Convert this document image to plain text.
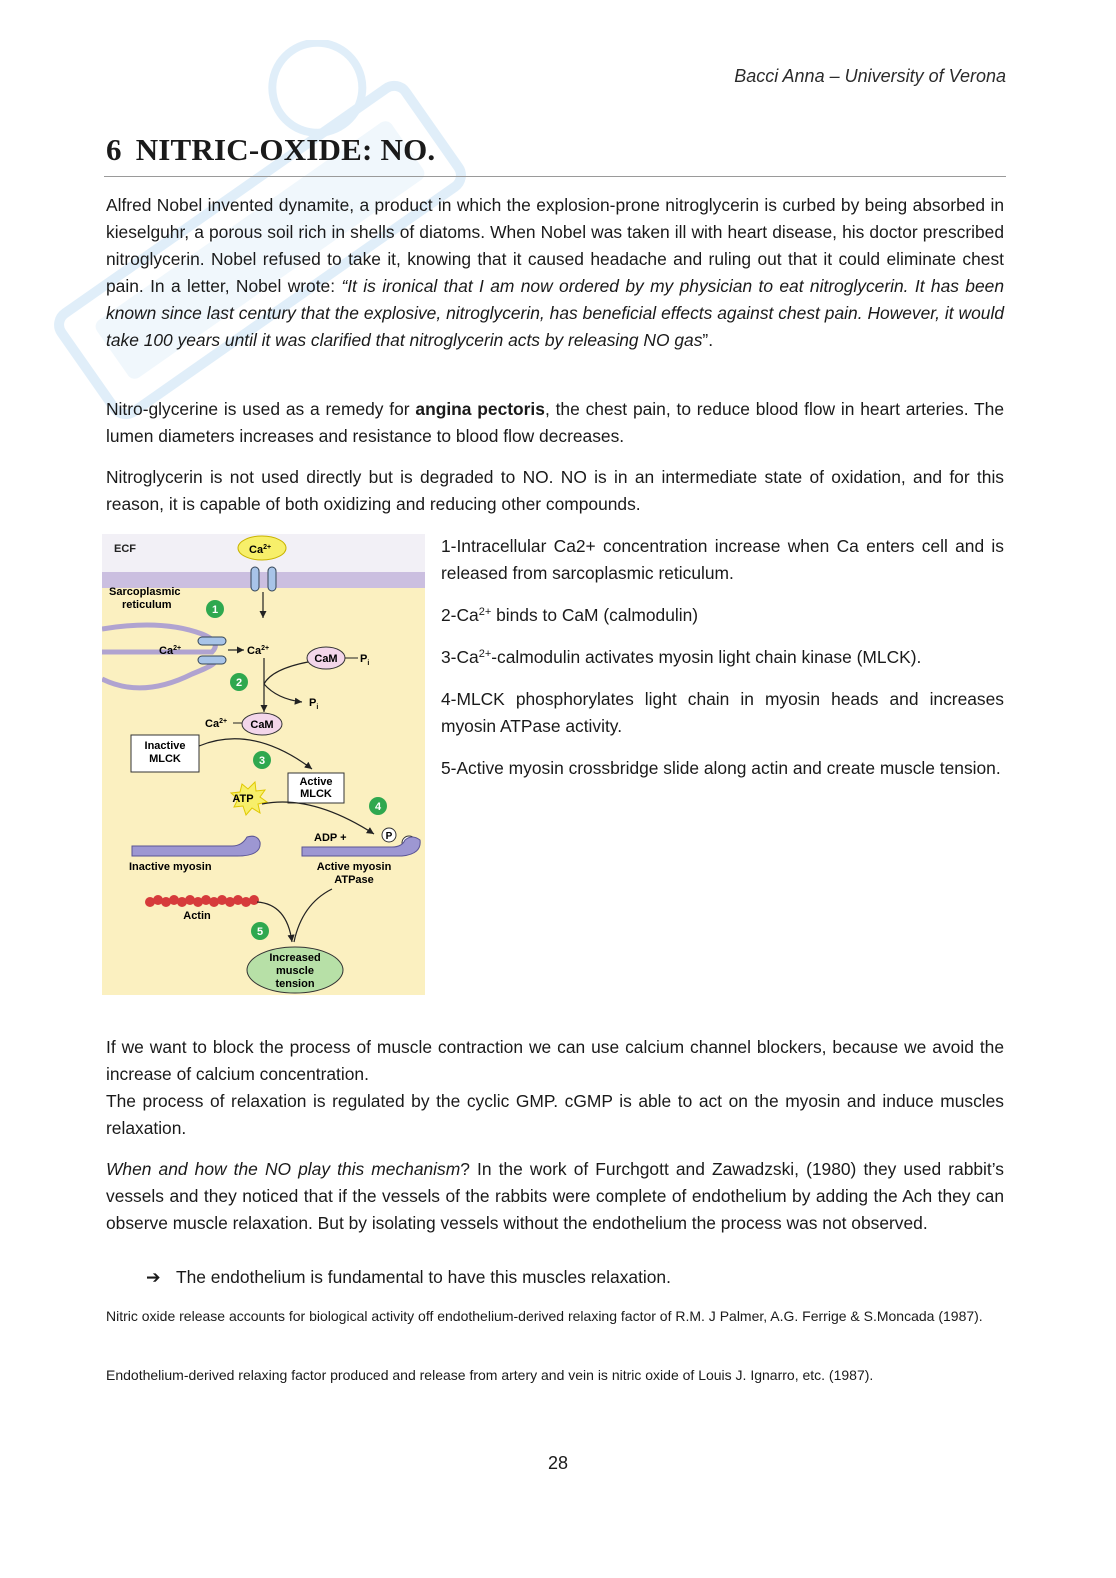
Bacci Anna – University of Verona
6 NITRIC-OXIDE: NO.

Alfred Nobel invented dynamite, a product in which the explosion-prone nitroglycerin is curbed by being absorbed in kieselguhr, a porous soil rich in shells of diatoms. When Nobel was taken ill with heart disease, his doctor prescribed nitroglycerin. Nobel refused to take it, knowing that it caused headache and ruling out that it could eliminate chest pain. In a letter, Nobel wrote: “It is ironical that I am now ordered by my physician to eat nitroglycerin. It has been known since last century that the explosive, nitroglycerin, has beneficial effects against chest pain. However, it would take 100 years until it was clarified that nitroglycerin acts by releasing NO gas”.

Nitro-glycerine is used as a remedy for angina pectoris, the chest pain, to reduce blood flow in heart arteries. The lumen diameters increases and resistance to blood flow decreases.

Nitroglycerin is not used directly but is degraded to NO. NO is in an intermediate state of oxidation, and for this reason, it is capable of both oxidizing and reducing other compounds.

ECF	$Ca^{2+}$
Sarcoplasmic
reticulum
$Ca^{2+}$	$Ca^{2+}$
1
CaM $P_i$
$P_i$
2
$Ca^{2+}$ CaM
Inactive
MLCK	3
Active
MLCK
ATP
4
ADP +	P
Inactive myosin	Active myosin
ATPase
Actin
5
Increased
muscle
tension

1-Intracellular Ca2+ concentration increase when Ca enters cell and is released from sarcoplasmic reticulum.

$2-Ca^{2+}$ binds to CaM (calmodulin)

$3-Ca^{2+}$-calmodulin activates myosin light chain kinase (MLCK).

4-MLCK phosphorylates light chain in myosin heads and increases myosin ATPase activity.

5-Active myosin crossbridge slide along actin and create muscle tension.

If we want to block the process of muscle contraction we can use calcium channel blockers, because we avoid the increase of calcium concentration.

The process of relaxation is regulated by the cyclic GMP. cGMP is able to act on the myosin and induce muscles relaxation.

When and how the NO play this mechanism? In the work of Furchgott and Zawadzski, (1980) they used rabbit’s vessels and they noticed that if the vessels of the rabbits were complete of endothelium by adding the Ach they can observe muscle relaxation. But by isolating vessels without the endothelium the process was not observed.

➔ The endothelium is fundamental to have this muscles relaxation.

Nitric oxide release accounts for biological activity off endothelium-derived relaxing factor of R.M. J Palmer, A.G. Ferrige & S.Moncada (1987).

Endothelium-derived relaxing factor produced and release from artery and vein is nitric oxide of Louis J. Ignarro, etc. (1987).

28
